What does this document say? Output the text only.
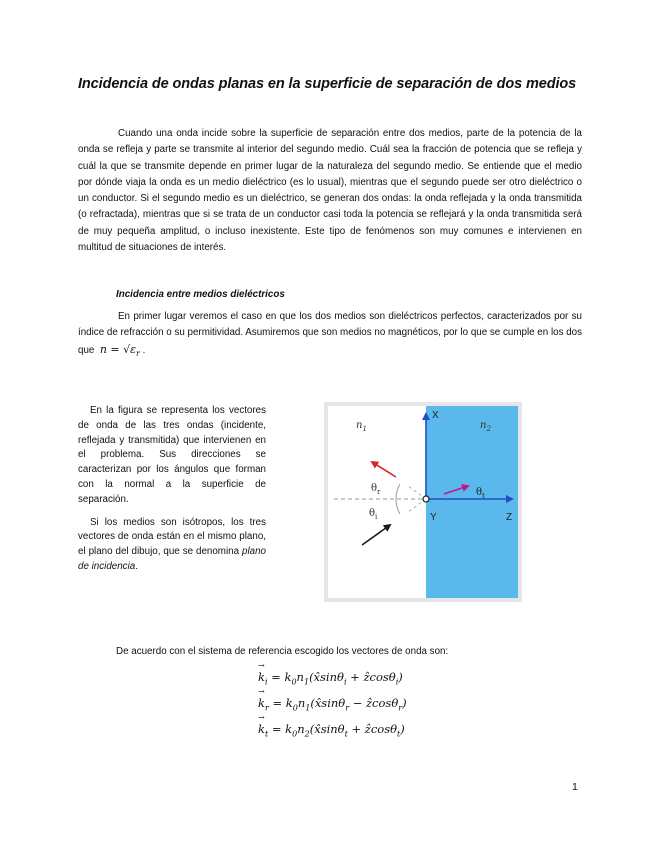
Incidencia de ondas planas en la superficie de separación de dos medios

Cuando una onda incide sobre la superficie de separación entre dos medios, parte de la potencia de la onda se refleja y parte se transmite al interior del segundo medio. Cuál sea la fracción de potencia que se refleja y cuál la que se transmite depende en primer lugar de la naturaleza del segundo medio. Se entiende que el medio por dónde viaja la onda es un medio dieléctrico (es lo usual), mientras que el segundo puede ser otro dieléctrico o un conductor. Si el segundo medio es un dieléctrico, se generan dos ondas: la onda reflejada y la onda transmitida (o refractada), mientras que si se trata de un conductor casi toda la potencia se reflejará y la onda transmitida será de muy pequeña amplitud, o incluso inexistente. Este tipo de fenómenos son muy comunes e intervienen en multitud de situaciones de interés.

Incidencia entre medios dieléctricos

En primer lugar veremos el caso en que los dos medios son dieléctricos perfectos, caracterizados por su índice de refracción o su permitividad. Asumiremos que son medios no magnéticos, por lo que se cumple en los dos que $n = √\varepsilon_r$ .

En la figura se representa los vectores de onda de las tres ondas (incidente, reflejada y transmitida) que intervienen en el problema. Sus direcciones se caracterizan por los ángulos que forman con la normal a la superficie de separación.

Si los medios son isótropos, los tres vectores de onda están en el mismo plano, el plano del dibujo, que se denomina plano de incidencia.

$n_1$	$n_2$
X
Y	Z
$\theta_r$
$\theta_i$
$\theta_t$

De acuerdo con el sistema de referencia escogido los vectores de onda son:

k
→
$_i = k_0n_1(x̂\sin\theta_i$ + ẑcosθ$_i$)

k
→
$_r = k_0n_1(x̂\sin\theta_r$ − ẑcosθ$_r$)

k
→
$_t = k_0n_2(x̂\sin\theta_t$ + ẑcosθ$_t$)

1
